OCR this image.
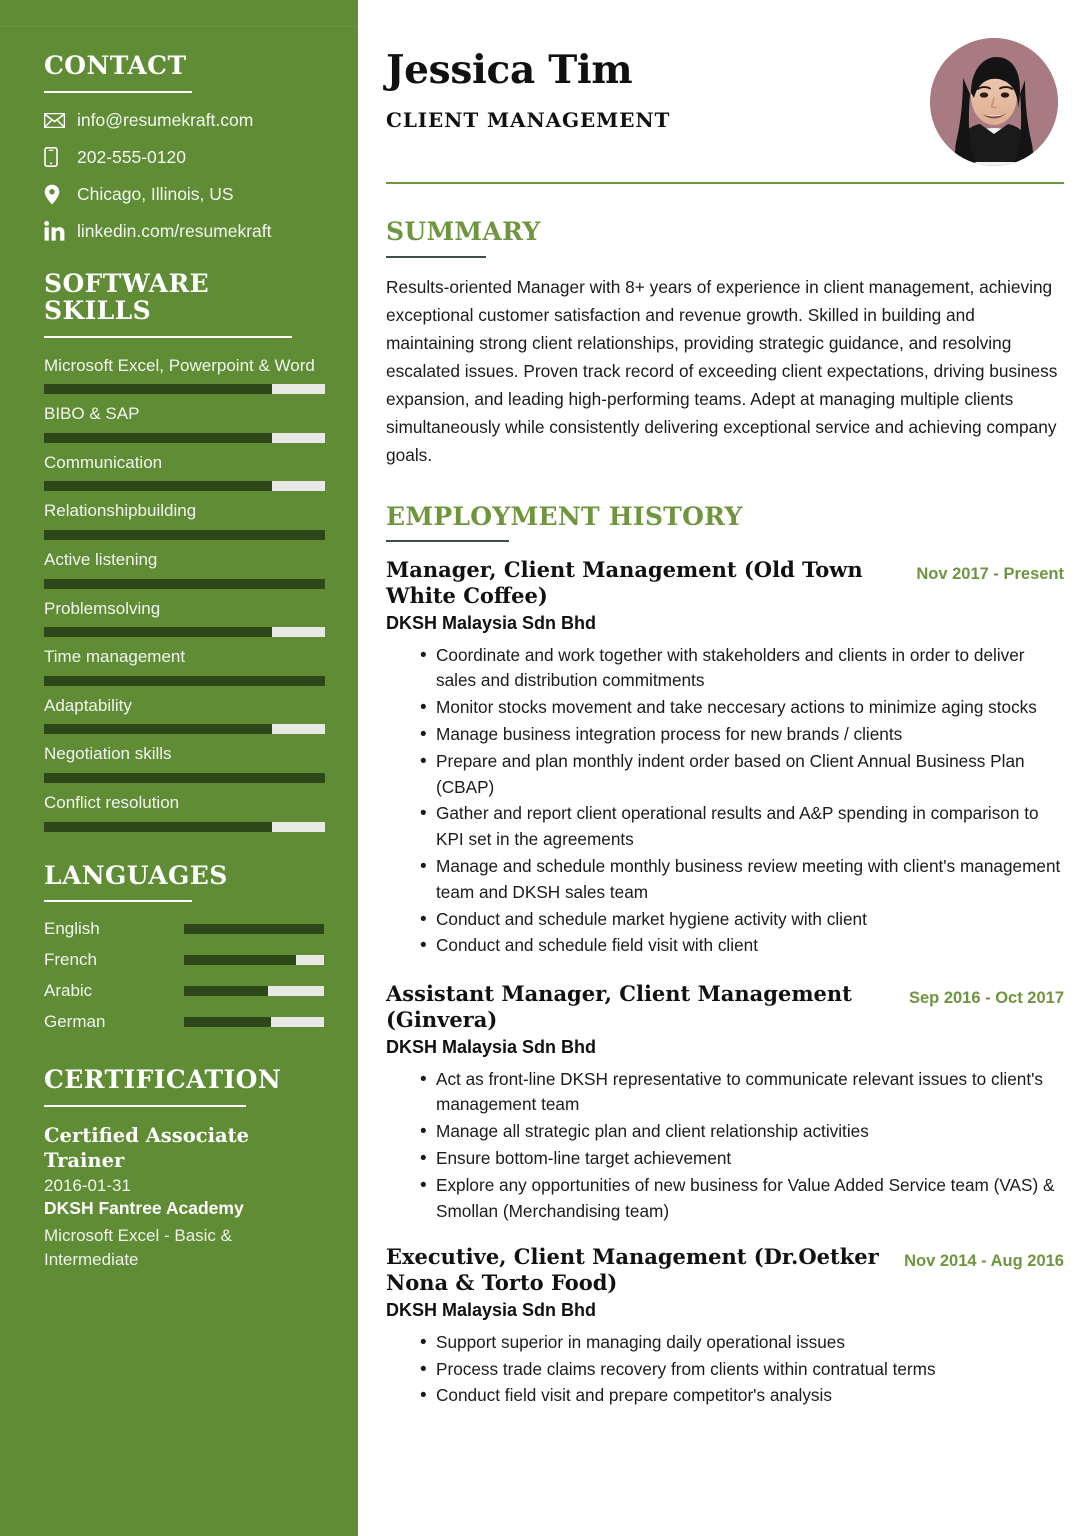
CONTACT
info@resumekraft.com
202-555-0120
Chicago, Illinois, US
linkedin.com/resumekraft
SOFTWARE SKILLS
Microsoft Excel, Powerpoint & Word
BIBO & SAP
Communication
Relationshipbuilding
Active listening
Problemsolving
Time management
Adaptability
Negotiation skills
Conflict resolution
LANGUAGES
English
French
Arabic
German
CERTIFICATION
Certified Associate Trainer
2016-01-31
DKSH Fantree Academy
Microsoft Excel - Basic & Intermediate
Jessica Tim
CLIENT MANAGEMENT
SUMMARY

Results-oriented Manager with 8+ years of experience in client management, achieving exceptional customer satisfaction and revenue growth. Skilled in building and maintaining strong client relationships, providing strategic guidance, and resolving escalated issues. Proven track record of exceeding client expectations, driving business expansion, and leading high-performing teams. Adept at managing multiple clients simultaneously while consistently delivering exceptional service and achieving company goals.

EMPLOYMENT HISTORY
Manager, Client Management (Old Town White Coffee)
DKSH Malaysia Sdn Bhd
Nov 2017 - Present
• Coordinate and work together with stakeholders and clients in order to deliver sales and distribution commitments
• Monitor stocks movement and take neccesary actions to minimize aging stocks
• Manage business integration process for new brands / clients
• Prepare and plan monthly indent order based on Client Annual Business Plan (CBAP)
• Gather and report client operational results and A&P spending in comparison to KPI set in the agreements
• Manage and schedule monthly business review meeting with client's management team and DKSH sales team
• Conduct and schedule market hygiene activity with client
• Conduct and schedule field visit with client
Assistant Manager, Client Management (Ginvera)
DKSH Malaysia Sdn Bhd
Sep 2016 - Oct 2017
• Act as front-line DKSH representative to communicate relevant issues to client's management team
• Manage all strategic plan and client relationship activities
• Ensure bottom-line target achievement
• Explore any opportunities of new business for Value Added Service team (VAS) & Smollan (Merchandising team)
Executive, Client Management (Dr.Oetker Nona & Torto Food)
DKSH Malaysia Sdn Bhd
Nov 2014 - Aug 2016
• Support superior in managing daily operational issues
• Process trade claims recovery from clients within contratual terms
• Conduct field visit and prepare competitor's analysis
